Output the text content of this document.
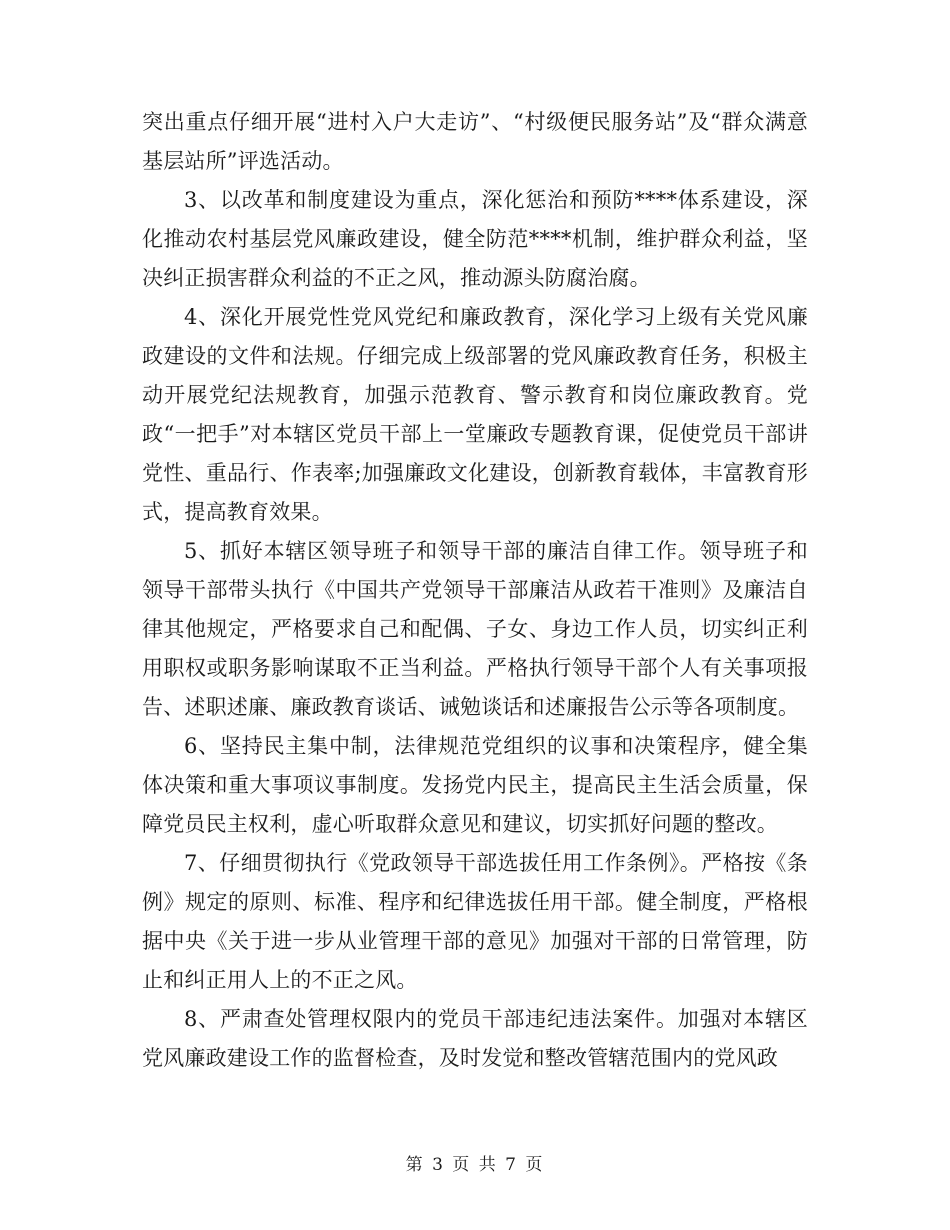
突出重点仔细开展“进村入户大走访”、“村级便民服务站”及“群众满意基层站所”评选活动。

3、以改革和制度建设为重点，深化惩治和预防****体系建设，深化推动农村基层党风廉政建设，健全防范****机制，维护群众利益，坚决纠正损害群众利益的不正之风，推动源头防腐治腐。

4、深化开展党性党风党纪和廉政教育，深化学习上级有关党风廉政建设的文件和法规。仔细完成上级部署的党风廉政教育任务，积极主动开展党纪法规教育，加强示范教育、警示教育和岗位廉政教育。党政“一把手”对本辖区党员干部上一堂廉政专题教育课，促使党员干部讲党性、重品行、作表率;加强廉政文化建设，创新教育载体，丰富教育形式，提高教育效果。

5、抓好本辖区领导班子和领导干部的廉洁自律工作。领导班子和领导干部带头执行《中国共产党领导干部廉洁从政若干准则》及廉洁自律其他规定，严格要求自己和配偶、子女、身边工作人员，切实纠正利用职权或职务影响谋取不正当利益。严格执行领导干部个人有关事项报告、述职述廉、廉政教育谈话、诫勉谈话和述廉报告公示等各项制度。

6、坚持民主集中制，法律规范党组织的议事和决策程序，健全集体决策和重大事项议事制度。发扬党内民主，提高民主生活会质量，保障党员民主权利，虚心听取群众意见和建议，切实抓好问题的整改。

7、仔细贯彻执行《党政领导干部选拔任用工作条例》。严格按《条例》规定的原则、标准、程序和纪律选拔任用干部。健全制度，严格根据中央《关于进一步从业管理干部的意见》加强对干部的日常管理，防止和纠正用人上的不正之风。

8、严肃查处管理权限内的党员干部违纪违法案件。加强对本辖区党风廉政建设工作的监督检查，及时发觉和整改管辖范围内的党风政

第 3 页 共 7 页
